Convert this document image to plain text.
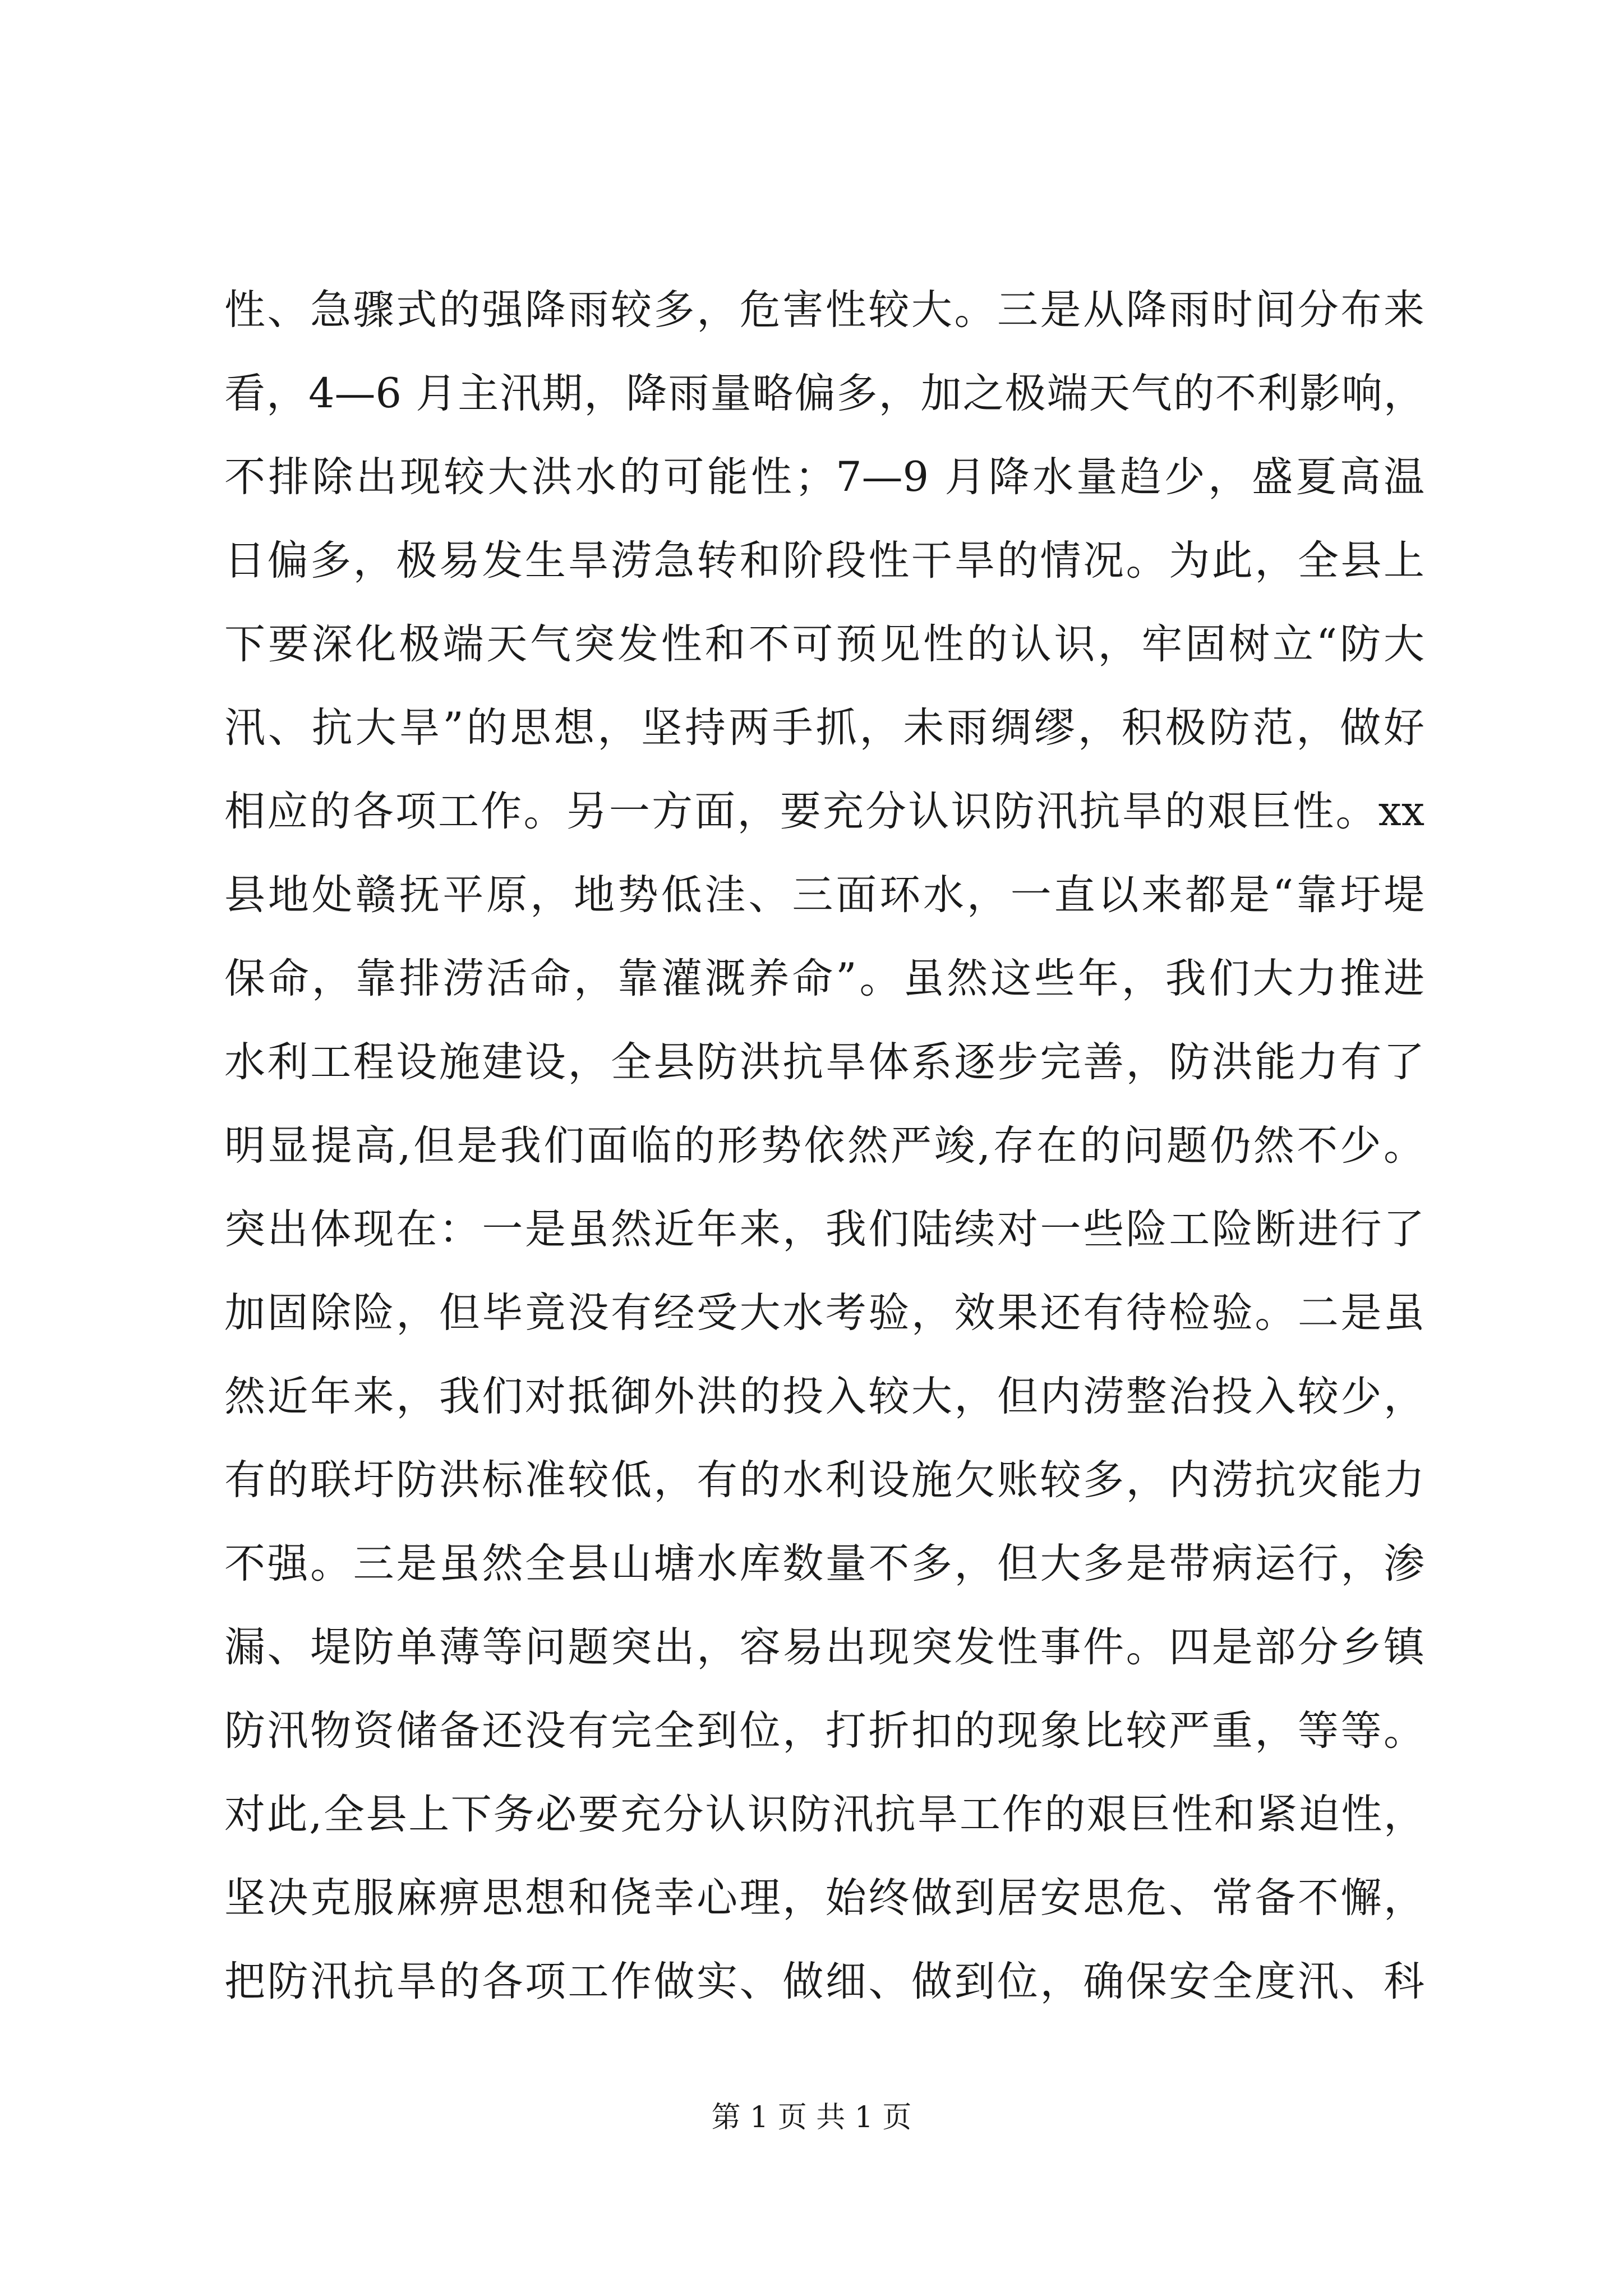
性、急骤式的强降雨较多，危害性较大。三是从降雨时间分布来
看，4—6 月主汛期，降雨量略偏多，加之极端天气的不利影响，
不排除出现较大洪水的可能性；7—9 月降水量趋少，盛夏高温
日偏多，极易发生旱涝急转和阶段性干旱的情况。为此，全县上
下要深化极端天气突发性和不可预见性的认识，牢固树立“防大
汛、抗大旱”的思想，坚持两手抓，未雨绸缪，积极防范，做好
相应的各项工作。另一方面，要充分认识防汛抗旱的艰巨性。xx
县地处赣抚平原，地势低洼、三面环水，一直以来都是“靠圩堤
保命，靠排涝活命，靠灌溉养命”。虽然这些年，我们大力推进
水利工程设施建设，全县防洪抗旱体系逐步完善，防洪能力有了
明显提高,但是我们面临的形势依然严竣,存在的问题仍然不少。
突出体现在：一是虽然近年来，我们陆续对一些险工险断进行了
加固除险，但毕竟没有经受大水考验，效果还有待检验。二是虽
然近年来，我们对抵御外洪的投入较大，但内涝整治投入较少，
有的联圩防洪标准较低，有的水利设施欠账较多，内涝抗灾能力
不强。三是虽然全县山塘水库数量不多，但大多是带病运行，渗
漏、堤防单薄等问题突出，容易出现突发性事件。四是部分乡镇
防汛物资储备还没有完全到位，打折扣的现象比较严重，等等。
对此,全县上下务必要充分认识防汛抗旱工作的艰巨性和紧迫性，
坚决克服麻痹思想和侥幸心理，始终做到居安思危、常备不懈，
把防汛抗旱的各项工作做实、做细、做到位，确保安全度汛、科
第 1 页 共 1 页
